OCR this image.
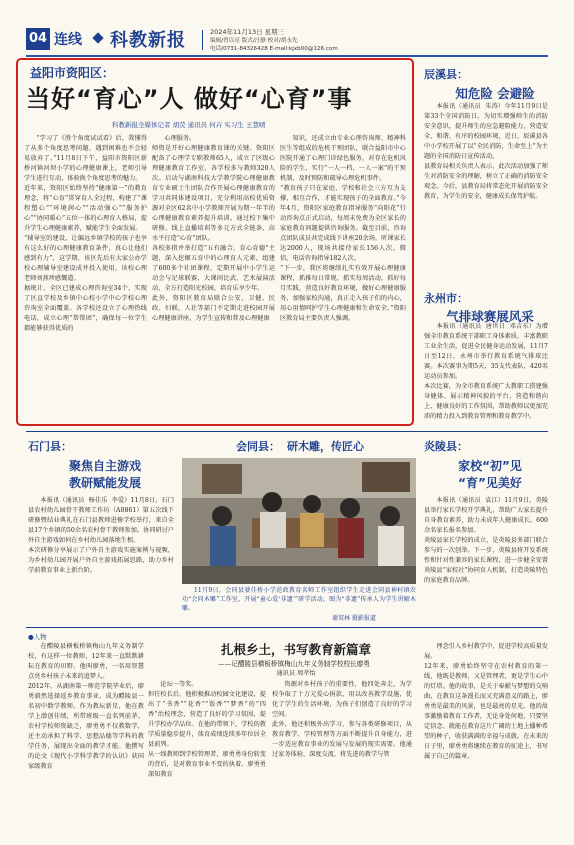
04 连线 科教新报	2024年11月13日 星期三
编辑/曾以亮 版式/汪静 校对/胡永先
电话/0731-84326428 E-mail:kjxb00@126.com
益阳市资阳区：
当好“育心”人 做好“心育”事
科教新报全媒体记者 胡荧 通讯员 何卉 实习生 王慧晴
“学习了《胜个角度试试看》后，我懂得了从多个角度思考问题，遇到困难也不会轻易放弃了。”11月8日下午，益阳市资阳区新桥河镇河坝小学的心理健康课上，老师引导学生进行互动，体验换个角度思考的魅力。
近年来，资阳区始终坚持“健康第一”的教育理念，将“心育”贯穿育人全过程，构建了“课程塑心”“环境润心”“活动强心”“服务护心”“协同暖心”五位一体的心理育人格局，提升学生心理健康素养，赋能学生全面发展。
“辅导室的建设，让偏远乡镇学校的孩子也享有这么好的心理健康教育条件，真心让他们感到有力”，这学期，该区先后有大家公办学校心理辅导室建设成并投入使用，该校心理老师刘燕珍感慨道。
据统计，全区已建成心理咨询室34个、实现了区直学校及乡镇中心校小学中心学校心理咨询室全面覆盖。各学校还设立了心理热线电话，成立心理“帮帮团”，确保每一位学生都能够获得优质的
心理服务。
师资是开好心理健康教育课的关键。资阳区配备了心理学专职教师65人，成立了区级心理健康教育工作室，各学校多与教师320人次。启动与湖南科技大学教学院心理健康教育专业硕士生团队合作开展心理健康教育的学习共同体建设项目，充分利用高校优质资源对全区62名中小学教师开展为期一年半的心理健康教育素养提升培训。通过校下集中研修、线上直播培训等多元方式全链条，高水平打造“心育”团队。
各校多措并举打造“五有融合，育心育德”主题，深入挖掘五育中的心理育人元素，组建了600多个社团课程，定期开展中小学生运动会与足球联赛、大课间比武、艺术展演活动、全方打造阳光校园，培育乐享少年。
此外，资阳区教育局联合公安、卫健、民政、妇联，人社等部门不定期走进校园开展心理健康讲座，为学生宣传和普及心理健康
知识，还成立由专业心理咨询师、精神科医生等组成的危机干预团队，联合益阳市中心医院开通了心理门诊绿色服务，对存在危机风险的学生，实行“一人一档、一人一案”的干预机制，及时预防和疏导心理危机事件。
“教育孩子只在家庭、学校和社会三方互为支撑，相互合作，才能实现孩子的全面教育。”今年4月，资阳区家庭教育指导服务“向阳花”行动咨询点正式启动，每周末免费为全区家长的家庭教育问题提供咨询服务。截至目前，咨询点团队成员共完成线下讲座20余场，听课家长达2000人，现场共接待家长156人次，微信，电话咨询指导182人次。
“下一步，我区将继续扎实有效开展心理健康课程，抓推每日常规，抓实每周活动，抓好每月实践，营造良好教育环境，做好心理健康服务，加强家校沟通，真正走入孩子们的内心，用心用情呵护学生心理健康和生命安全。”资阳区教育局主要负责人强调。
辰溪县：
知危险 会避险
本报讯（通讯员  朱涛）今年11月9日是第33个全国消防日。为切实增强师生的消防安全意识，提升师生的应急避险能力，营造安全、和谐、有序的校园环境，近日，辰溪县各中小学校开展了以“全民消防，生命至上”为主题的全国消防日宣传活动。
县教育局相关负责人表示，此次活动加强了师生对消防安全的理解，树立了正确的消防安全观念。今后，县教育局将常态化开展消防安全教育，为学生的安全，健康成长保驾护航。
永州市：
气排球赛展风采
本报讯（通讯员  唐世日  邓吉东）为增强全市教育系统干部职工身体素质，丰富教职工业余生活，促进全民健身运动发展，11月7日至12日，永州市举行教育系统气排球比赛。本次赛事为期5天，35支代表队、420名运动员参加。
本次比赛，为全市教育系统广大教职工搭建强身健体、展示精神风貌的平台，营造和谐向上、健康良好的工作氛围，帮助教师以更加充沛的精力投入到教育管理和教育教学中。
石门县：
聚焦自主游戏
教研赋能发展
本报讯（通讯员  杨佳乐  李爱）11月8日，石门县农村幼儿园骨干教师工作坊（A0861）第五次线下研修暨结业典礼在石门县教师进修学校举行，来自全县17个乡镇的50余名农村骨干教师参加。协同研讨户外自主游戏如何在乡村幼儿园落地生根。
本次研修分享展示了户外自主游戏实施案例与视频，为乡村幼儿园开展户外自主游戏拓展思路，助力乡村学前教育事业上新台阶。
会同县： 研木雕，传匠心
11月9日，会同县婆佳桥小学范政教育名师工作室组织学生走进会同县神村镇农功“会同木雕”工作室，开展“童心爱‘非遗’”研学活动。图为“非遗”传承人为学生讲解木雕。
谢双林 摄影报道
炎陵县：
家校“初”见
“育”见美好
本报讯（通讯员  袁江）11月9日，炎陵县举行家长学校开学典礼，帮助广大家长提升自身教育素养，助力未成年人健康成长，600余名家长报名参加。
炎陵县家长学校的成立，是炎陵县多部门联合参与的一次创举。下一步，炎陵县将开发系统性和针对性兼容的家长课程，进一步健全安置炎陵县“家校社”协同育人机制，打造炎陵特色的家庭教育品牌。
●人物
扎根乡土，书写教育新篇章
——记醴陵县横板桥镇梅山九年义务制学校校长廖勇
通讯员 周孝怡
在醴陵县横板桥镇梅山九年义务制学校，有这样一位教师，12年来一直默默耕耘在教育的田野。他叫廖勇，一名用智慧点亮乡村孩子未来的追梦人。
2012年，从湖南第一师范学院毕业后，廖勇毅然选择返乡教育事业，成为醴陵县一名初中数学教师。作为教坛新星，他在教学上潜创佳绩，所带班级一直名列前茅。农村学校师资缺乏，廖勇勇不仅教数学，还主动承担了科学、思想品德等学科的教学任务，展现出全面的教学才能。他撰写的论文《现代小学科学教学的认识》获国家级教育
论坛一等奖。
担任校长后，他积极推动校园文化建设，提出了“书香”“花香”“饭香”“梦香”的“四香”治校理念，营造了良好的学习氛围，提升学校办学品位。在他的带领下，学校的教学质量稳步提升，体育成绩连续多年位居全县前列。
从一线教师到学校管理者，廖勇勇身份转变的背后，是对教育事业不变的执着。廖勇勇深知教育
资源对乡村孩子的重要性，他四处奔走，为学校争取了十万元爱心捐款，用以改善教学设施，优化了学生的生活环境，为孩子们创造了良好的学习空间。
此外，他还积极外出学习，参与各类研修项目，从教育教学、学校管理等方面不断提升自身能力，进一步适应教育事业的发展与发展的现实需要。他通过家务体验、深度交流，将先进的教学与管
理念引入乡村教学中，促进学校高质量发展。
12年来，廖勇始终坚守在农村教育的第一线，他既是教师，又是管理者，更是学生心中的灯塔。他的故事，是关于奉献与梦想的交响曲，在教育这条漫长而又充满意义的路上，廖勇勇是最美的风景，也是最亮的星光。他的故事激励着教育工作者，无论身处何地，只要坚定信念、就能在教育这片广阔的土地上播种希望的种子，收获满满的幸福与成就。在未来的日子里，廖勇勇将继续在教育的征途上，书写属于自己的篇章。
